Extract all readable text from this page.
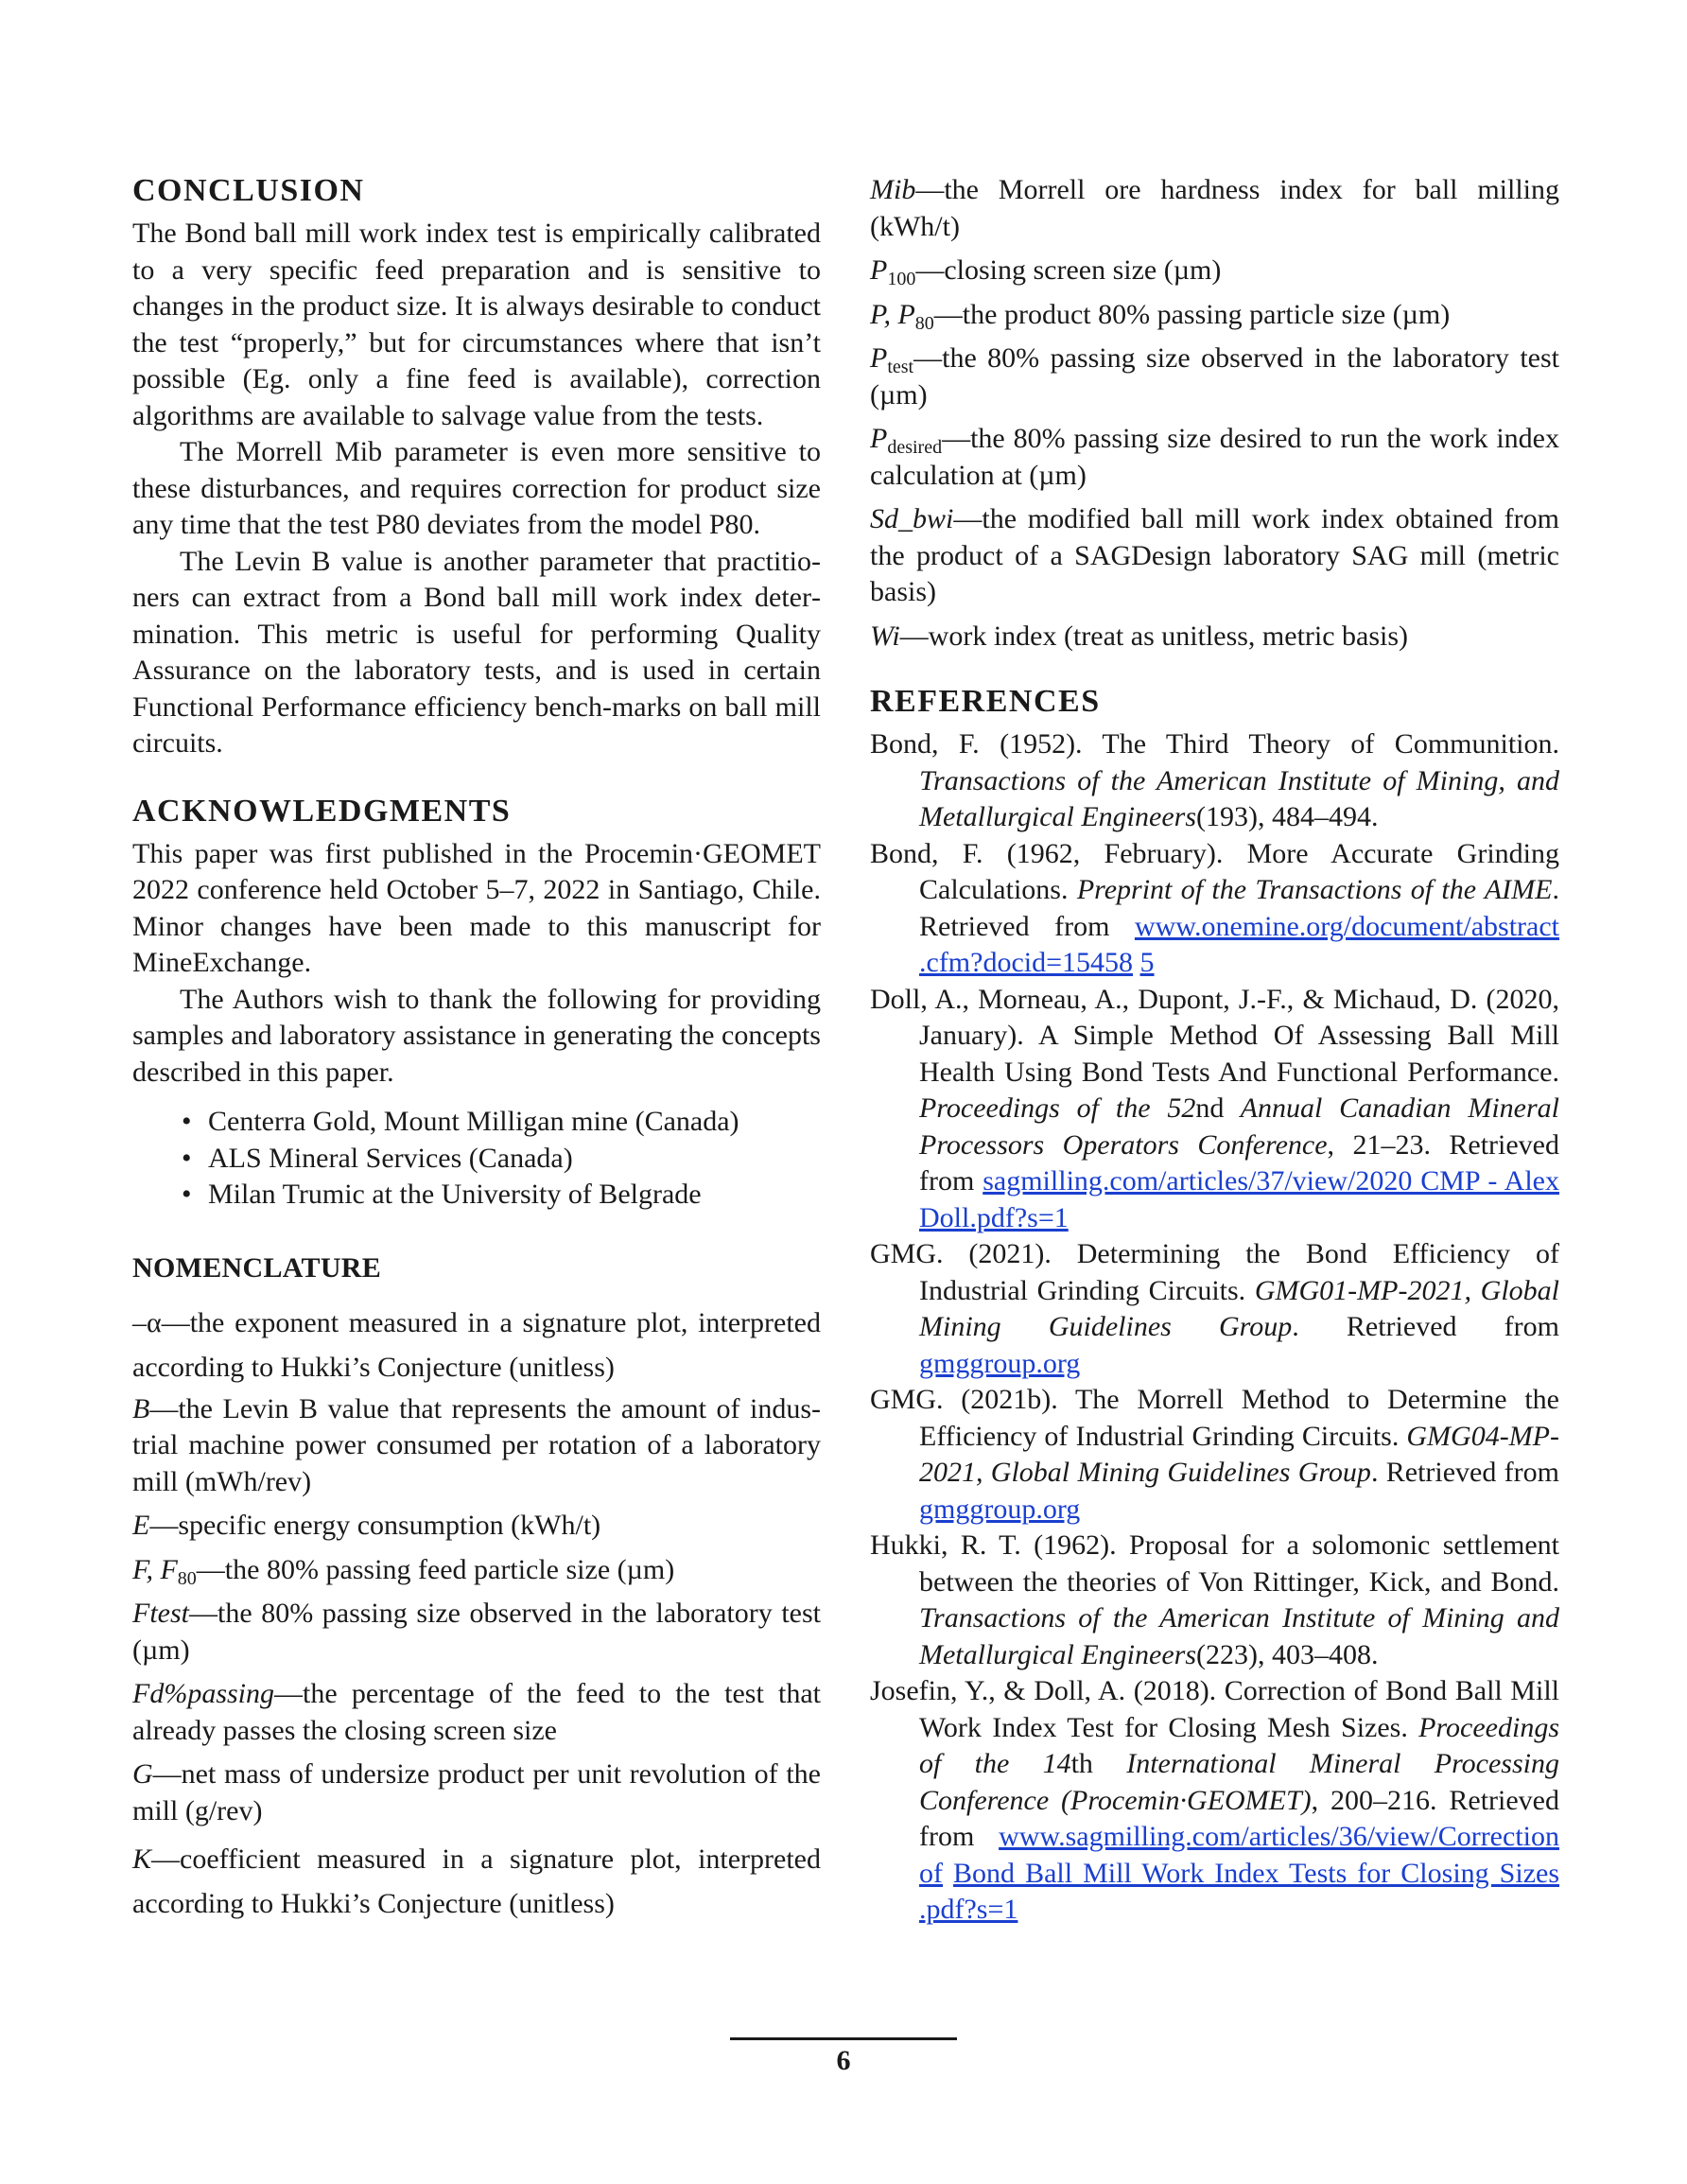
CONCLUSION

The Bond ball mill work index test is empirically calibrated to a very specific feed preparation and is sensitive to changes in the product size. It is always desirable to conduct the test “properly,” but for circumstances where that isn’t possible (Eg. only a fine feed is available), correction algorithms are available to salvage value from the tests.

The Morrell Mib parameter is even more sensitive to these disturbances, and requires correction for product size any time that the test P80 deviates from the model P80.

The Levin B value is another parameter that practitioners can extract from a Bond ball mill work index determination. This metric is useful for performing Quality Assurance on the laboratory tests, and is used in certain Functional Performance efficiency bench-marks on ball mill circuits.

ACKNOWLEDGMENTS

This paper was first published in the Procemin·GEOMET 2022 conference held October 5–7, 2022 in Santiago, Chile. Minor changes have been made to this manuscript for MineExchange.

The Authors wish to thank the following for providing samples and laboratory assistance in generating the concepts described in this paper.

• Centerra Gold, Mount Milligan mine (Canada)
• ALS Mineral Services (Canada)
• Milan Trumic at the University of Belgrade
NOMENCLATURE

–α—the exponent measured in a signature plot, interpreted according to Hukki’s Conjecture (unitless)

B—the Levin B value that represents the amount of industrial machine power consumed per rotation of a laboratory mill (mWh/rev)

E—specific energy consumption (kWh/t)

F, $F_{80}—the$ 80% passing feed particle size (µm)

Ftest—the 80% passing size observed in the laboratory test (µm)

Fd%passing—the percentage of the feed to the test that already passes the closing screen size

G—net mass of undersize product per unit revolution of the mill (g/rev)

K—coefficient measured in a signature plot, interpreted according to Hukki’s Conjecture (unitless)

Mib—the Morrell ore hardness index for ball milling (kWh/t)

$P_{100}—closing$ screen size (µm)

P, $P_{80}—the$ product 80% passing particle size (µm)

$P_{test}—the$ 80% passing size observed in the laboratory test (µm)

$P_{desired}—the$ 80% passing size desired to run the work index calculation at (µm)

Sd_bwi—the modified ball mill work index obtained from the product of a SAGDesign laboratory SAG mill (metric basis)

Wi—work index (treat as unitless, metric basis)

REFERENCES

Bond, F. (1952). The Third Theory of Communition. Transactions of the American Institute of Mining, and Metallurgical Engineers(193), 484–494.

Bond, F. (1962, February). More Accurate Grinding Calculations. Preprint of the Transactions of the AIME. Retrieved from www.onemine.org/document/abstract .cfm?docid=15458 5

Doll, A., Morneau, A., Dupont, J.-F., & Michaud, D. (2020, January). A Simple Method Of Assessing Ball Mill Health Using Bond Tests And Functional Performance. Proceedings of the 52nd Annual Canadian Mineral Processors Operators Conference, 21–23. Retrieved from sagmilling.com/articles/37/view/2020 CMP - Alex Doll.pdf?s=1

GMG. (2021). Determining the Bond Efficiency of Industrial Grinding Circuits. GMG01-MP-2021, Global Mining Guidelines Group. Retrieved from gmggroup.org

GMG. (2021b). The Morrell Method to Determine the Efficiency of Industrial Grinding Circuits. GMG04-MP-2021, Global Mining Guidelines Group. Retrieved from gmggroup.org

Hukki, R. T. (1962). Proposal for a solomonic settlement between the theories of Von Rittinger, Kick, and Bond. Transactions of the American Institute of Mining and Metallurgical Engineers(223), 403–408.

Josefin, Y., & Doll, A. (2018). Correction of Bond Ball Mill Work Index Test for Closing Mesh Sizes. Proceedings of the 14th International Mineral Processing Conference (Procemin·GEOMET), 200–216. Retrieved from www.sagmilling.com/articles/36/view/Correction of Bond Ball Mill Work Index Tests for Closing Sizes .pdf?s=1

6
